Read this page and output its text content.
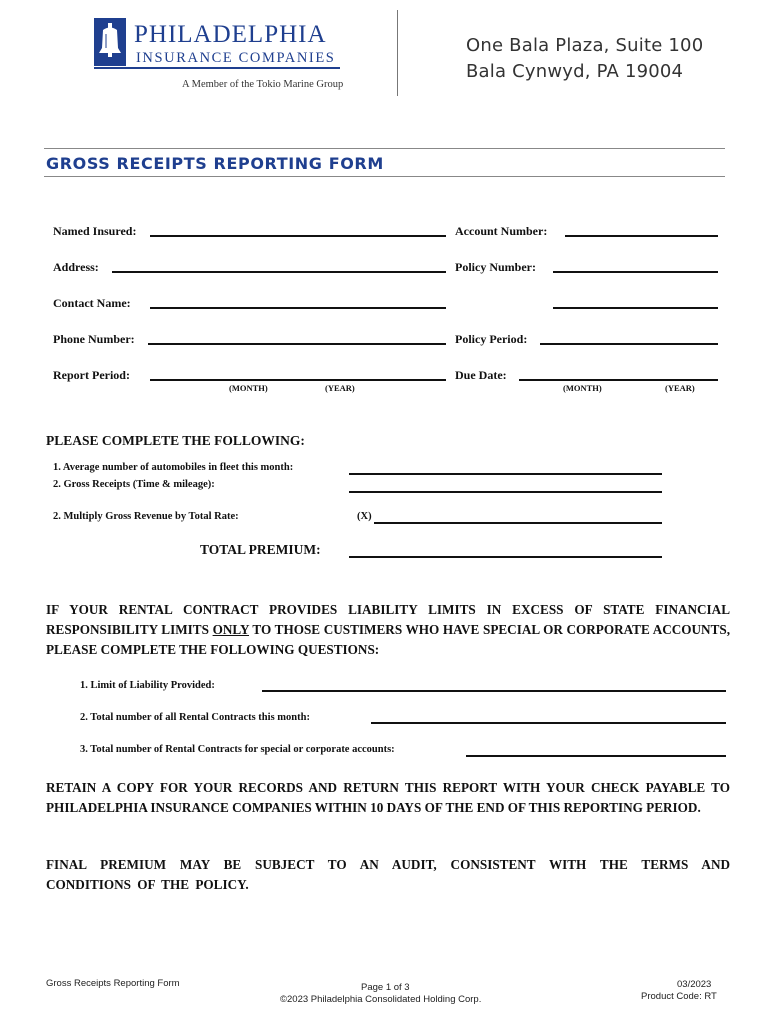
PHILADELPHIA
INSURANCE COMPANIES
A Member of the Tokio Marine Group
One Bala Plaza, Suite 100
Bala Cynwyd, PA 19004
GROSS RECEIPTS REPORTING FORM
Named Insured:	Account Number:
Address:	Policy Number:
Contact Name:
Phone Number:	Policy Period:
Report Period:	Due Date:
(MONTH)	(YEAR)	(MONTH)	(YEAR)
PLEASE COMPLETE THE FOLLOWING:
1. Average number of automobiles in fleet this month:
2. Gross Receipts (Time & mileage):
2. Multiply Gross Revenue by Total Rate:	(X)
TOTAL PREMIUM:
IF YOUR RENTAL CONTRACT PROVIDES LIABILITY LIMITS IN EXCESS OF STATE FINANCIAL RESPONSIBILITY LIMITS ONLY TO THOSE CUSTIMERS WHO HAVE SPECIAL OR CORPORATE ACCOUNTS, PLEASE COMPLETE THE FOLLOWING QUESTIONS:
1. Limit of Liability Provided:
2. Total number of all Rental Contracts this month:
3. Total number of Rental Contracts for special or corporate accounts:
RETAIN A COPY FOR YOUR RECORDS AND RETURN THIS REPORT WITH YOUR CHECK PAYABLE TO PHILADELPHIA INSURANCE COMPANIES WITHIN 10 DAYS OF THE END OF THIS REPORTING PERIOD.
FINAL PREMIUM MAY BE SUBJECT TO AN AUDIT, CONSISTENT WITH THE TERMS AND CONDITIONS OF THE POLICY.
Gross Receipts Reporting Form	Page 1 of 3
©2023 Philadelphia Consolidated Holding Corp.
03/2023
Product Code: RT
